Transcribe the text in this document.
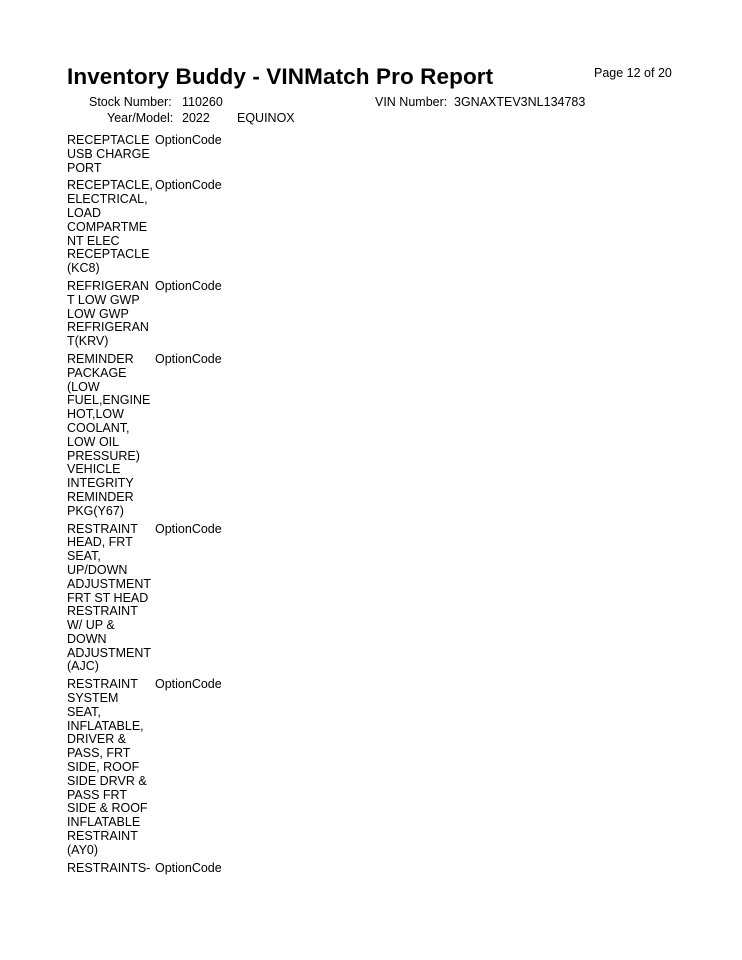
Page 12 of 20
Inventory Buddy - VINMatch Pro Report
Stock Number: 110260	VIN Number: 3GNAXTEV3NL134783
Year/Model: 2022 EQUINOX
RECEPTACLE
USB CHARGE
PORT
OptionCode
RECEPTACLE,
ELECTRICAL,
LOAD
COMPARTME
NT ELEC
RECEPTACLE
(KC8)
OptionCode
REFRIGERAN
T LOW GWP
LOW GWP
REFRIGERAN
T(KRV)
OptionCode
REMINDER
PACKAGE
(LOW
FUEL,ENGINE
HOT,LOW
COOLANT,
LOW OIL
PRESSURE)
VEHICLE
INTEGRITY
REMINDER
PKG(Y67)
OptionCode
RESTRAINT
HEAD, FRT
SEAT,
UP/DOWN
ADJUSTMENT
FRT ST HEAD
RESTRAINT
W/ UP &
DOWN
ADJUSTMENT
(AJC)
OptionCode
RESTRAINT
SYSTEM
SEAT,
INFLATABLE,
DRIVER &
PASS, FRT
SIDE, ROOF
SIDE DRVR &
PASS FRT
SIDE & ROOF
INFLATABLE
RESTRAINT
(AY0)
OptionCode
RESTRAINTS- OptionCode
